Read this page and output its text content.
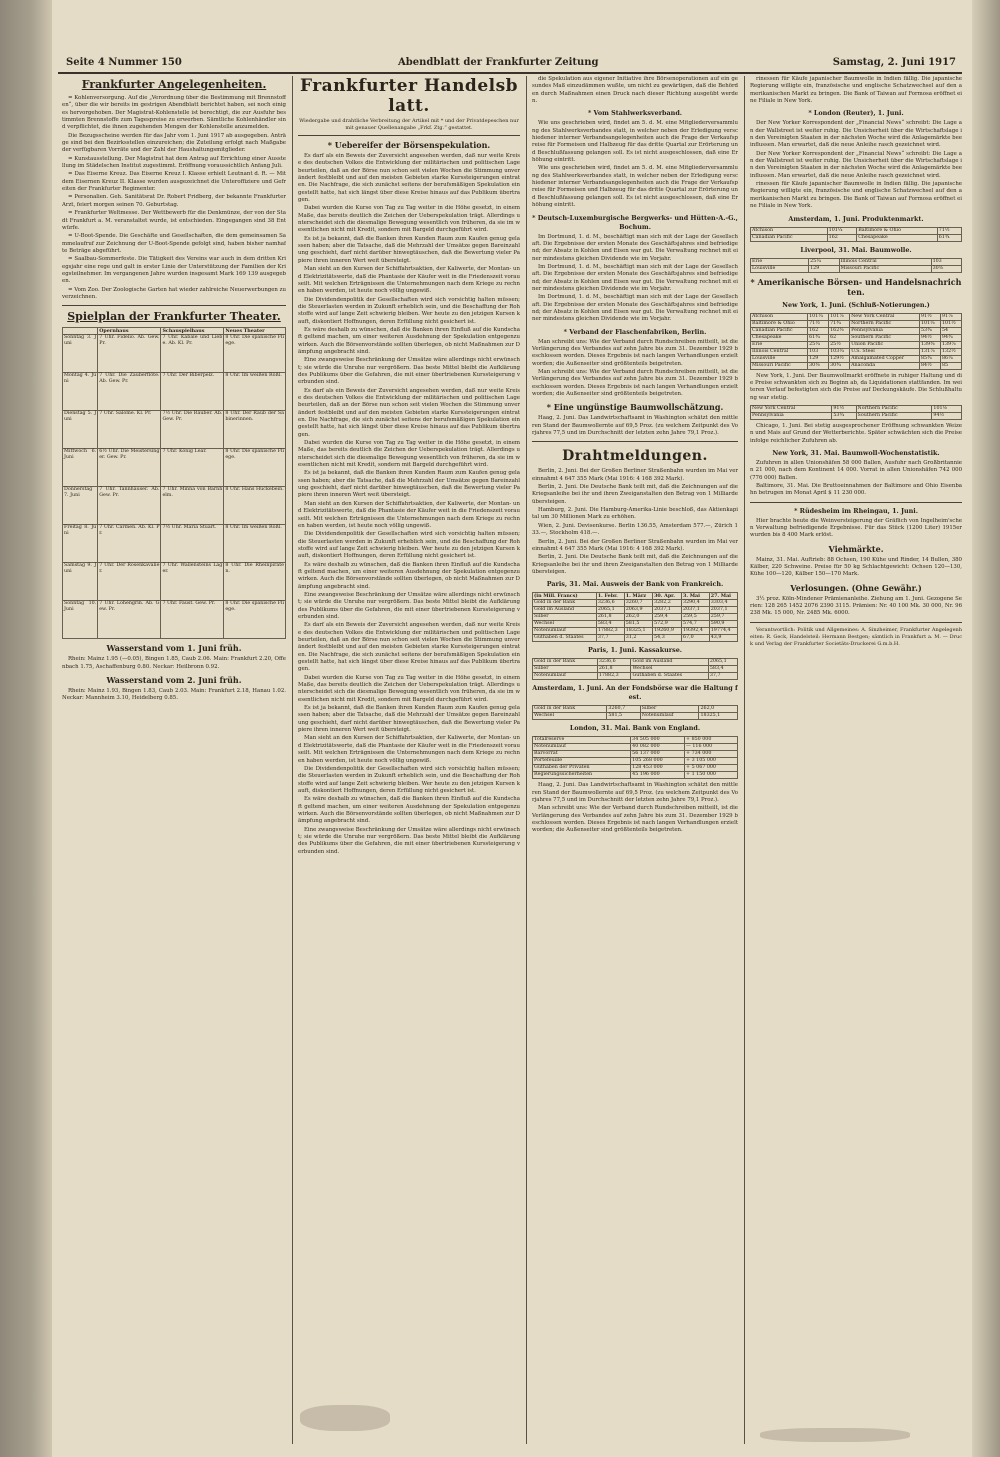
Seite 4 Nummer 150	Abendblatt der Frankfurter Zeitung	Samstag, 2. Juni 1917
Frankfurter Angelegenheiten.

= Kohlenversorgung. Auf die „Verordnung über die Bestimmung mit Brennstoffen“, über die wir bereits im gestrigen Abendblatt berichtet haben, sei noch einiges hervorgehoben. Der Magistrat-Kohlenstelle ist berechtigt, die zur Ausfuhr bestimmten Brennstoffe zum Tagespreise zu erwerben. Sämtliche Kohlenhändler sind verpflichtet, die ihnen zugehenden Mengen der Kohlenstelle anzumelden.

Die Bezugsscheine werden für das Jahr vom 1. Juni 1917 ab ausgegeben. Anträge sind bei den Bezirksstellen einzureichen; die Zuteilung erfolgt nach Maßgabe der verfügbaren Vorräte und der Zahl der Haushaltungsmitglieder.

= Kunstausstellung. Der Magistrat hat dem Antrag auf Errichtung einer Ausstellung im Städelschen Institut zugestimmt. Eröffnung voraussichtlich Anfang Juli.

= Das Eiserne Kreuz. Das Eiserne Kreuz I. Klasse erhielt Leutnant d. R. — Mit dem Eisernen Kreuz II. Klasse wurden ausgezeichnet die Unteroffiziere und Gefreiten der Frankfurter Regimenter.

= Personalien. Geh. Sanitätsrat Dr. Robert Fridberg, der bekannte Frankfurter Arzt, feiert morgen seinen 70. Geburtstag.

= Frankfurter Weltmesse. Der Wettbewerb für die Denkmünze, der von der Stadt Frankfurt a. M. veranstaltet wurde, ist entschieden. Eingegangen sind 38 Entwürfe.

= U-Boot-Spende. Die Geschäfte und Gesellschaften, die dem gemeinsamen Sammelaufruf zur Zeichnung der U-Boot-Spende gefolgt sind, haben bisher namhafte Beträge abgeführt.

= Saalbau-Sommerfeste. Die Tätigkeit des Vereins war auch in dem dritten Kriegsjahr eine rege und galt in erster Linie der Unterstützung der Familien der Kriegsteilnehmer. Im vergangenen Jahre wurden insgesamt Mark 169 139 ausgegeben.

= Vom Zoo. Der Zoologische Garten hat wieder zahlreiche Neuerwerbungen zu verzeichnen.

Spielplan der Frankfurter Theater.
	Opernhaus	Schauspielhaus	Neues Theater
Sonntag 3. Juni	7 Uhr. Fidelio. Ab. Gew. Pr.	7 Uhr. Kabale und Liebe. Ab. Kl. Pr.	8 Uhr. Die spanische Fliege.
Montag 4. Juni	7 Uhr. Die Zauberflöte. Ab. Gew. Pr.	7 Uhr. Der Biberpelz.	8 Uhr. Im weißen Rößl.
Dienstag 5. Juni	7 Uhr. Salome. Kl. Pr.	7½ Uhr. Die Räuber. Ab. Gew. Pr.	8 Uhr. Der Raub der Sabinerinnen.
Mittwoch 6. Juni	6½ Uhr. Die Meistersinger. Gew. Pr.	7 Uhr. König Lear.	8 Uhr. Die spanische Fliege.
Donnerstag 7. Juni	7 Uhr. Tannhäuser. Ab. Gew. Pr.	7 Uhr. Minna von Barnhelm.	8 Uhr. Hans Huckebein.
Freitag 8. Juni	7 Uhr. Carmen. Ab. Kl. Pr.	7½ Uhr. Maria Stuart.	8 Uhr. Im weißen Rößl.
Samstag 9. Juni	7 Uhr. Der Rosenkavalier.	7 Uhr. Wallensteins Lager.	8 Uhr. Die Rheinpiraten.
Sonntag 10. Juni	7 Uhr. Lohengrin. Ab. Gew. Pr.	7 Uhr. Faust. Gew. Pr.	8 Uhr. Die spanische Fliege.
Wasserstand vom 1. Juni früh.

Rhein: Mainz 1.95 (—0.05), Bingen 1.85, Caub 2.06. Main: Frankfurt 2.20, Offenbach 1.75, Aschaffenburg 0.80. Neckar: Heilbronn 0.92.

Wasserstand vom 2. Juni früh.

Rhein: Mainz 1.93, Bingen 1.83, Caub 2.03. Main: Frankfurt 2.18, Hanau 1.02. Neckar: Mannheim 3.10, Heidelberg 0.85.

Frankfurter Handelsblatt.
Wiedergabe und drahtliche Verbreitung der Artikel mit * und der Privatdepeschen nur mit genauer Quellenangabe „Frkf. Ztg.“ gestattet.
* Uebereifer der Börsenspekulation.

Es darf als ein Beweis der Zuversicht angesehen werden, daß nur weite Kreise des deutschen Volkes die Entwicklung der militärischen und politischen Lage beurteilen, daß an der Börse nun schon seit vielen Wochen die Stimmung unverändert festbleibt und auf den meisten Gebieten starke Kurssteigerungen eintraten. Die Nachfrage, die sich zunächst seitens der berufsmäßigen Spekulation eingestellt hatte, hat sich längst über diese Kreise hinaus auf das Publikum übertragen.

Dabei wurden die Kurse von Tag zu Tag weiter in die Höhe gesetzt, in einem Maße, das bereits deutlich die Zeichen der Ueberspekulation trägt. Allerdings unterscheidet sich die diesmalige Bewegung wesentlich von früheren, da sie im wesentlichen nicht mit Kredit, sondern mit Bargeld durchgeführt wird.

Es ist ja bekannt, daß die Banken ihren Kunden Raum zum Kaufen genug gelassen haben; aber die Tatsache, daß die Mehrzahl der Umsätze gegen Bareinzahlung geschieht, darf nicht darüber hinwegtäuschen, daß die Bewertung vieler Papiere ihren inneren Wert weit übersteigt.

Man sieht an den Kursen der Schiffahrtsaktien, der Kaliwerte, der Montan- und Elektrizitätswerte, daß die Phantasie der Käufer weit in die Friedenszeit vorauseilt. Mit welchen Erträgnissen die Unternehmungen nach dem Kriege zu rechnen haben werden, ist heute noch völlig ungewiß.

Die Dividendenpolitik der Gesellschaften wird sich vorsichtig halten müssen; die Steuerlasten werden in Zukunft erheblich sein, und die Beschaffung der Rohstoffe wird auf lange Zeit schwierig bleiben. Wer heute zu den jetzigen Kursen kauft, diskontiert Hoffnungen, deren Erfüllung nicht gesichert ist.

Es wäre deshalb zu wünschen, daß die Banken ihren Einfluß auf die Kundschaft geltend machen, um einer weiteren Ausdehnung der Spekulation entgegenzuwirken. Auch die Börsenvorstände sollten überlegen, ob nicht Maßnahmen zur Dämpfung angebracht sind.

Eine zwangsweise Beschränkung der Umsätze wäre allerdings nicht erwünscht; sie würde die Unruhe nur vergrößern. Das beste Mittel bleibt die Aufklärung des Publikums über die Gefahren, die mit einer übertriebenen Kurssteigerung verbunden sind.

Es darf als ein Beweis der Zuversicht angesehen werden, daß nur weite Kreise des deutschen Volkes die Entwicklung der militärischen und politischen Lage beurteilen, daß an der Börse nun schon seit vielen Wochen die Stimmung unverändert festbleibt und auf den meisten Gebieten starke Kurssteigerungen eintraten. Die Nachfrage, die sich zunächst seitens der berufsmäßigen Spekulation eingestellt hatte, hat sich längst über diese Kreise hinaus auf das Publikum übertragen.

Dabei wurden die Kurse von Tag zu Tag weiter in die Höhe gesetzt, in einem Maße, das bereits deutlich die Zeichen der Ueberspekulation trägt. Allerdings unterscheidet sich die diesmalige Bewegung wesentlich von früheren, da sie im wesentlichen nicht mit Kredit, sondern mit Bargeld durchgeführt wird.

Es ist ja bekannt, daß die Banken ihren Kunden Raum zum Kaufen genug gelassen haben; aber die Tatsache, daß die Mehrzahl der Umsätze gegen Bareinzahlung geschieht, darf nicht darüber hinwegtäuschen, daß die Bewertung vieler Papiere ihren inneren Wert weit übersteigt.

Man sieht an den Kursen der Schiffahrtsaktien, der Kaliwerte, der Montan- und Elektrizitätswerte, daß die Phantasie der Käufer weit in die Friedenszeit vorauseilt. Mit welchen Erträgnissen die Unternehmungen nach dem Kriege zu rechnen haben werden, ist heute noch völlig ungewiß.

Die Dividendenpolitik der Gesellschaften wird sich vorsichtig halten müssen; die Steuerlasten werden in Zukunft erheblich sein, und die Beschaffung der Rohstoffe wird auf lange Zeit schwierig bleiben. Wer heute zu den jetzigen Kursen kauft, diskontiert Hoffnungen, deren Erfüllung nicht gesichert ist.

Es wäre deshalb zu wünschen, daß die Banken ihren Einfluß auf die Kundschaft geltend machen, um einer weiteren Ausdehnung der Spekulation entgegenzuwirken. Auch die Börsenvorstände sollten überlegen, ob nicht Maßnahmen zur Dämpfung angebracht sind.

Eine zwangsweise Beschränkung der Umsätze wäre allerdings nicht erwünscht; sie würde die Unruhe nur vergrößern. Das beste Mittel bleibt die Aufklärung des Publikums über die Gefahren, die mit einer übertriebenen Kurssteigerung verbunden sind.

Es darf als ein Beweis der Zuversicht angesehen werden, daß nur weite Kreise des deutschen Volkes die Entwicklung der militärischen und politischen Lage beurteilen, daß an der Börse nun schon seit vielen Wochen die Stimmung unverändert festbleibt und auf den meisten Gebieten starke Kurssteigerungen eintraten. Die Nachfrage, die sich zunächst seitens der berufsmäßigen Spekulation eingestellt hatte, hat sich längst über diese Kreise hinaus auf das Publikum übertragen.

Dabei wurden die Kurse von Tag zu Tag weiter in die Höhe gesetzt, in einem Maße, das bereits deutlich die Zeichen der Ueberspekulation trägt. Allerdings unterscheidet sich die diesmalige Bewegung wesentlich von früheren, da sie im wesentlichen nicht mit Kredit, sondern mit Bargeld durchgeführt wird.

Es ist ja bekannt, daß die Banken ihren Kunden Raum zum Kaufen genug gelassen haben; aber die Tatsache, daß die Mehrzahl der Umsätze gegen Bareinzahlung geschieht, darf nicht darüber hinwegtäuschen, daß die Bewertung vieler Papiere ihren inneren Wert weit übersteigt.

Man sieht an den Kursen der Schiffahrtsaktien, der Kaliwerte, der Montan- und Elektrizitätswerte, daß die Phantasie der Käufer weit in die Friedenszeit vorauseilt. Mit welchen Erträgnissen die Unternehmungen nach dem Kriege zu rechnen haben werden, ist heute noch völlig ungewiß.

Die Dividendenpolitik der Gesellschaften wird sich vorsichtig halten müssen; die Steuerlasten werden in Zukunft erheblich sein, und die Beschaffung der Rohstoffe wird auf lange Zeit schwierig bleiben. Wer heute zu den jetzigen Kursen kauft, diskontiert Hoffnungen, deren Erfüllung nicht gesichert ist.

Es wäre deshalb zu wünschen, daß die Banken ihren Einfluß auf die Kundschaft geltend machen, um einer weiteren Ausdehnung der Spekulation entgegenzuwirken. Auch die Börsenvorstände sollten überlegen, ob nicht Maßnahmen zur Dämpfung angebracht sind.

Eine zwangsweise Beschränkung der Umsätze wäre allerdings nicht erwünscht; sie würde die Unruhe nur vergrößern. Das beste Mittel bleibt die Aufklärung des Publikums über die Gefahren, die mit einer übertriebenen Kurssteigerung verbunden sind.

die Spekulation aus eigener Initiative ihre Börsenoperationen auf ein gesundes Maß einzudämmen wußte, um nicht zu gewärtigen, daß die Behörden durch Maßnahmen einen Druck nach dieser Richtung ausgeübt werden.

* Vom Stahlwerksverband.

Wie uns geschrieben wird, findet am 5. d. M. eine Mitgliederversammlung des Stahlwerksverbandes statt, in welcher neben der Erledigung verschiedener interner Verbandsangelegenheiten auch die Frage der Verkaufspreise für Formeisen und Halbzeug für das dritte Quartal zur Erörterung und Beschlußfassung gelangen soll. Es ist nicht ausgeschlossen, daß eine Erhöhung eintritt.

Wie uns geschrieben wird, findet am 5. d. M. eine Mitgliederversammlung des Stahlwerksverbandes statt, in welcher neben der Erledigung verschiedener interner Verbandsangelegenheiten auch die Frage der Verkaufspreise für Formeisen und Halbzeug für das dritte Quartal zur Erörterung und Beschlußfassung gelangen soll. Es ist nicht ausgeschlossen, daß eine Erhöhung eintritt.

* Deutsch-Luxemburgische Bergwerks- und Hütten-A.-G., Bochum.

Im Dortmund, 1. d. M., beschäftigt man sich mit der Lage der Gesellschaft. Die Ergebnisse der ersten Monate des Geschäftsjahres sind befriedigend; der Absatz in Kohlen und Eisen war gut. Die Verwaltung rechnet mit einer mindestens gleichen Dividende wie im Vorjahr.

Im Dortmund, 1. d. M., beschäftigt man sich mit der Lage der Gesellschaft. Die Ergebnisse der ersten Monate des Geschäftsjahres sind befriedigend; der Absatz in Kohlen und Eisen war gut. Die Verwaltung rechnet mit einer mindestens gleichen Dividende wie im Vorjahr.

Im Dortmund, 1. d. M., beschäftigt man sich mit der Lage der Gesellschaft. Die Ergebnisse der ersten Monate des Geschäftsjahres sind befriedigend; der Absatz in Kohlen und Eisen war gut. Die Verwaltung rechnet mit einer mindestens gleichen Dividende wie im Vorjahr.

* Verband der Flaschenfabriken, Berlin.

Man schreibt uns: Wie der Verband durch Rundschreiben mitteilt, ist die Verlängerung des Verbandes auf zehn Jahre bis zum 31. Dezember 1929 beschlossen worden. Dieses Ergebnis ist nach langen Verhandlungen erzielt worden; die Außenseiter sind größtenteils beigetreten.

Man schreibt uns: Wie der Verband durch Rundschreiben mitteilt, ist die Verlängerung des Verbandes auf zehn Jahre bis zum 31. Dezember 1929 beschlossen worden. Dieses Ergebnis ist nach langen Verhandlungen erzielt worden; die Außenseiter sind größtenteils beigetreten.

* Eine ungünstige Baumwollschätzung.

Haag, 2. Juni. Das Landwirtschaftsamt in Washington schätzt den mittleren Stand der Baumwollernte auf 69,5 Proz. (zu welchem Zeitpunkt des Vorjahres 77,5 und im Durchschnitt der letzten zehn Jahre 79,1 Proz.).

Drahtmeldungen.

Berlin, 2. Juni. Bei der Großen Berliner Straßenbahn wurden im Mai vereinnahmt 4 647 355 Mark (Mai 1916: 4 168 392 Mark).

Berlin, 2. Juni. Die Deutsche Bank teilt mit, daß die Zeichnungen auf die Kriegsanleihe bei ihr und ihren Zweiganstalten den Betrag von 1 Milliarde übersteigen.

Hamburg, 2. Juni. Die Hamburg-Amerika-Linie beschloß, das Aktienkapital um 30 Millionen Mark zu erhöhen.

Wien, 2. Juni. Devisenkurse. Berlin 136.55, Amsterdam 577.—, Zürich 133.—, Stockholm 418.—.

Berlin, 2. Juni. Bei der Großen Berliner Straßenbahn wurden im Mai vereinnahmt 4 647 355 Mark (Mai 1916: 4 168 392 Mark).

Berlin, 2. Juni. Die Deutsche Bank teilt mit, daß die Zeichnungen auf die Kriegsanleihe bei ihr und ihren Zweiganstalten den Betrag von 1 Milliarde übersteigen.

Paris, 31. Mai. Ausweis der Bank von Frankreich.
(in Mill. Francs)	1. Febr.	1. März	30. Apr.	3. Mai	27. Mai
Gold in der Bank	3236,6	3260,7	3282,2	3290,4	3303,4
Gold im Ausland	2065,1	2063,9	2037,1	2037,1	2037,1
Silber	261,8	262,0	259,4	259,5	259,7
Wechsel	583,4	581,5	572,9	574,7	590,9
Notenumlauf	17882,3	18325,1	19260,9	19392,4	19774,4
Guthaben d. Staates	37,7	31,2	54,3	67,0	43,9
Paris, 1. Juni. Kassakurse.
Gold in der Bank	3236,6	Gold im Ausland	2065,1
Silber	261,8	Wechsel	583,4
Notenumlauf	17882,3	Guthaben d. Staates	37,7
Amsterdam, 1. Juni. An der Fondsbörse war die Haltung fest.
Gold in der Bank	3260,7	Silber	262,0
Wechsel	581,5	Notenumlauf	18325,1
London, 31. Mai. Bank von England.
Totalreserve	34 505 000	+ 850 000
Notenumlauf	40 082 000	— 116 000
Barvorrat	56 137 000	+ 734 000
Portefeuille	105 268 000	+ 3 105 000
Guthaben der Privaten	128 453 000	+ 5 067 000
Regierungssicherheiten	45 196 000	+ 1 150 000

Haag, 2. Juni. Das Landwirtschaftsamt in Washington schätzt den mittleren Stand der Baumwollernte auf 69,5 Proz. (zu welchem Zeitpunkt des Vorjahres 77,5 und im Durchschnitt der letzten zehn Jahre 79,1 Proz.).

Man schreibt uns: Wie der Verband durch Rundschreiben mitteilt, ist die Verlängerung des Verbandes auf zehn Jahre bis zum 31. Dezember 1929 beschlossen worden. Dieses Ergebnis ist nach langen Verhandlungen erzielt worden; die Außenseiter sind größtenteils beigetreten.

rinessen für Käufe japanischer Baumwolle in Indien fällig. Die japanische Regierung willigte ein, französische und englische Schatzwechsel auf den amerikanischen Markt zu bringen. Die Bank of Taiwan auf Formosa eröffnet eine Filiale in New York.

* London (Reuter), 1. Juni.

Der New Yorker Korrespondent der „Financial News“ schreibt: Die Lage an der Wallstreet ist weiter ruhig. Die Unsicherheit über die Wirtschaftslage in den Vereinigten Staaten in der nächsten Woche wird die Anlagemärkte beeinflussen. Man erwartet, daß die neue Anleihe rasch gezeichnet wird.

Der New Yorker Korrespondent der „Financial News“ schreibt: Die Lage an der Wallstreet ist weiter ruhig. Die Unsicherheit über die Wirtschaftslage in den Vereinigten Staaten in der nächsten Woche wird die Anlagemärkte beeinflussen. Man erwartet, daß die neue Anleihe rasch gezeichnet wird.

rinessen für Käufe japanischer Baumwolle in Indien fällig. Die japanische Regierung willigte ein, französische und englische Schatzwechsel auf den amerikanischen Markt zu bringen. Die Bank of Taiwan auf Formosa eröffnet eine Filiale in New York.

Amsterdam, 1. Juni. Produktenmarkt.
Atchison	101¼	Baltimore & Ohio	71½
Canadian Pacific	162	Chesapeake	61¾
Liverpool, 31. Mai. Baumwolle.
Erie	25¼	Illinois Central	103
Louisville	129	Missouri Pacific	30⅜
* Amerikanische Börsen- und Handelsnachrichten.
New York, 1. Juni. (Schluß-Notierungen.)
Atchison	101¼	101⅞	New York Central	91½	91⅞
Baltimore & Ohio	71½	71¾	Northern Pacific	101⅛	101½
Canadian Pacific	162	162⅜	Pennsylvania	53¾	54
Chesapeake	61¾	62	Southern Pacific	94½	94¾
Erie	25¼	25½	Union Pacific	139⅜	139⅞
Illinois Central	103	103¼	U.S. Steel	131⅞	132½
Louisville	129	129½	Amalgamated Copper	85¾	86¼
Missouri Pacific	30⅜	30¾	Anaconda	84½	85

New York, 1. Juni. Der Baumwollmarkt eröffnete in ruhiger Haltung und die Preise schwankten sich zu Beginn ab, da Liquidationen stattfanden. Im weiteren Verlauf befestigten sich die Preise auf Deckungskäufe. Die Schlußhaltung war stetig.

New York Central	91½	Northern Pacific	101⅛
Pennsylvania	53¾	Southern Pacific	94½

Chicago, 1. Juni. Bei stetig ausgesprochener Eröffnung schwankten Weizen und Mais auf Grund der Wetterberichte. Später schwächten sich die Preise infolge reichlicher Zufuhren ab.

New York, 31. Mai. Baumwoll-Wochenstatistik.

Zufuhren in allen Unionshäfen 58 000 Ballen, Ausfuhr nach Großbritannien 21 000, nach dem Kontinent 14 000. Vorrat in allen Unionshäfen 742 000 (776 000) Ballen.

Baltimore, 31. Mai. Die Bruttoeinnahmen der Baltimore and Ohio Eisenbahn betrugen im Monat April $ 11 230 000.

* Rüdesheim im Rheingau, 1. Juni.

Hier brachte heute die Weinversteigerung der Gräflich von Ingelheim'schen Verwaltung befriedigende Ergebnisse. Für das Stück (1200 Liter) 1915er wurden bis 8 400 Mark erlöst.

Viehmärkte.

Mainz, 31. Mai. Auftrieb: 88 Ochsen, 190 Kühe und Rinder, 14 Bullen, 380 Kälber, 220 Schweine. Preise für 50 kg Schlachtgewicht: Ochsen 120—130, Kühe 100—120, Kälber 150—170 Mark.

Verlosungen. (Ohne Gewähr.)

3½ proz. Köln-Mindener Prämienanleihe. Ziehung am 1. Juni. Gezogene Serien: 128 265 1452 2076 2390 3115. Prämien: Nr. 40 100 Mk. 30 000, Nr. 96 238 Mk. 15 000, Nr. 2485 Mk. 6000.

Verantwortlich: Politik und Allgemeines: A. Sinzheimer, Frankfurter Angelegenheiten: R. Geck, Handelsteil: Hermann Bestgen; sämtlich in Frankfurt a. M. — Druck und Verlag der Frankfurter Societäts-Druckerei G.m.b.H.
